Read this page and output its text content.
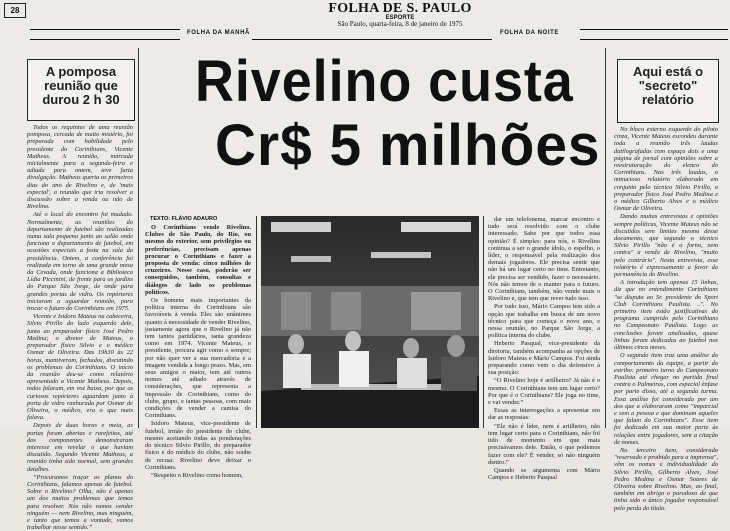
28	FOLHA DE S. PAULO
ESPORTE
São Paulo, quarta-feira, 8 de janeiro de 1975
FOLHA DA MANHÃ	FOLHA DA NOITE
A pomposa reunião que durou 2 h 30
Aqui está o "secreto" relatório
Rivelino custa
Cr$ 5 milhões

Todos os requintes de uma reunião pomposa, cercada de muito mistério, foi preparada com habilidade pelo presidente do Corinthians, Vicente Matheus. A reunião, marcada inicialmente para a segunda-feira e adiada para ontem, teve farta divulgação. Matheus queria os primeiros dias do ano de Rivelino e, de 'mais especial', a reunião que iria resolver a discussão sobre a venda ou não de Rivelino.

Até o local do encontro foi mudado. Normalmente, as reuniões do departamento de futebol são realizadas numa sala pequena junto ao salão onde funciona o departamento de futebol, em ocasiões especiais a festa na sala da presidência. Ontem, a conferência foi realizada em torno de uma grande mesa da Cevada, onde funciona a Biblioteca Lídia Piccinini, de frente para os jardins do Parque São Jorge, de onde para grandes portas de vidro. Os repórteres iniciaram a aguardar reunião, para trocar o futuro do Corinthians em 1975.

Vicente e Isidoro Mateus na cabeceira, Silvio Pirillo do lado esquerdo dele, junto ao preparador físico José Pedro Medina; o diretor de Mateus, o preparador físico Silvio e o médico Osmar de Oliveira. Das 19h30 às 22 horas, mantiveram, fechados, discutindo os problemas do Corinthians. O início da reunião deu-se como relatório apresentado a Vicente Matheus. Depois, todos falaram, em voz baixa, por que os curiosos repórteres aguardam junto à porta de vidro ranhurada por Osmar de Oliveira, o médico, era o que mais falava.

Depois de duas horas e meia, as portas foram abertas e rarefeitos, até dos componentes demonstraram interesse em revelar o que haviam discutido. Segundo Vicente Matheus, a reunião tinha sido normal, sem grandes detalhes.

“Procuramos traçar os planos do Corinthians, falamos apenas de futebol. Sobre o Rivelino? Olha, não é apenas um dos muitos problemas que temos para resolver. Nós não vamos vender ninguém — nem Rivelino, mas ninguém, e tanto que temos a vontade, vamos trabalhar nesse sentido.”

TEXTO: FLÁVIO ADAURO

O Corinthians vende Rivelino. Clubes de São Paulo, do Rio, ou mesmo do exterior, sem privilégios ou preferências, precisam apenas procurar o Corinthians e fazer a proposta de venda: cinco milhões de cruzeiros. Nesse caso, poderão ser conseguidos, também, consultas e diálogos de lado os problemas políticos.

Os homens mais importantes da política interna do Corinthians são favoráveis à venda. Eles são unânimes quanto à necessidade de vender Rivelino, justamente agora que o Rivelino já não tem tantos partidários, tanta grandeza como em 1974. Vicente Mateus, o presidente, procura agir como o sempre; por não quer ver a sua mercadoria e a imagem vendida a longo prazo. Mas, em seus amigos o maior, tem até outros nomes até adiado através de considerações, que representa a impressão de Corinthians, como do clube, grupo, e tantas pessoas, com mais condições de vender a camisa do Corinthians.

Isidoro Mateus, vice-presidente de futebol, irmão do presidente do clube, mesmo aceitando todas as ponderações do técnico Silvio Pirillo, do preparador físico e do médico do clube, não soube de recuar. Rivelino deve deixar o Corinthians.

“Respeito o Rivelino como homem,

dar um telefonema, marcar encontro e tudo será resolvido com o clube interessado. Sabe por que todos essa opinião? É simples: para nós, o Rivelino continua a ser o grande ídolo, o espelho, o líder, o responsável pela realização dos demais jogadores. Ele precisa sentir que não há um lugar certo no time. Entretanto, ele precisa ser vendido, fazer o necessário. Nós não temos de o manter para o futuro. O Corinthians, também, não vende mais o Rivelino e, que tem que rever tudo isso.

Por tudo isso, Mário Campos tem sido a opção que trabalha em busca de um novo técnico para que começa o novo ano, e nessa reunião, no Parque São Jorge, a política interna do clube.

Heberto Pasqual, vice-presidente da diretoria, também acompanha as opções de Isidoro Mateus e Mário Campos. Foi ainda preparando como vem o dia defensivo à sua posição:

“O Rivelino hoje é artilheiro? Já não é o mesmo. O Corinthians tem um lugar certo? Por que é o Corinthians? Ele joga no time, e vai vender.”

Essas as interrogações a apresentar em dar as respostas:

“Ele não é líder, nem é artilheiro, não tem lugar certo para o Corinthians, não foi tido de momento em que mais precisávamos dele. Então, o que podemos fazer com ele? É vender, só não ninguém dentro.”

Quando se argumenta com Mário Campos e Heberto Pasqual

No bloco externo esquerdo do piloto cinza, Vicente Mateus escondeu durante toda a reunião três laudas datilografadas com espaço dois e uma página de jornal com opiniões sobre a reestruturação do elenco do Corinthians. Nas três laudas, o minucioso relatório elaborado em conjunto pelo técnico Silvio Pirillo, o preparador físico José Pedro Medina e o médico Gilberto Alves e o médico Osmar de Oliveira.

Dando muitas entrevistas e opiniões sempre políticas, Vicente Mateus não se discutidos sem limites mesmo desse documento, que segundo o técnico Silvio Pirillo "não é o forno, nem contra" a venda de Rivelino, "muito pelo contrário". Nesta entrevista, esse relatório é expressamente a favor da permanência do Rivelino.

A introdução tem apenas 15 linhas, diz que no entendimento Corinthians "se disputa ao Sr. presidente do Sport Club Corinthians Paulista. ..". No primeiro item estão justificativas do programa cumprido pelo Corinthians no Campeonato Paulista. Logo as conclusões foram analisadas, quase linhas foram dedicadas ao futebol nos últimos cinco meses.

O segundo item traz uma análise do comportamento da equipe, a partir do estribo: primeiro turno do Campeonato Paulista até chegar no partida final contra o Palmeiras, com especial ênfase por parte disso, até a segunda turma. Essa análise foi considerada por um dos que a elaboraram como "imparcial e sem a pessoa e que dominam aqueles que falam do Corinthians". Esse item foi dedicado em sua maior parte às relações entre jogadores, sem a citação de nomes.

No terceiro item, considerado "reservado e proibido para a imprensa", vêm os nomes e individualidade do Silvio Pirillo, Gilberto Alves, José Pedro Medina e Osmar Soares de Oliveira sobre Rivelino. Mas, ao final, também em abrigo o paradoxo de que tinha sido o único jogador responsável pelo perda do título.
